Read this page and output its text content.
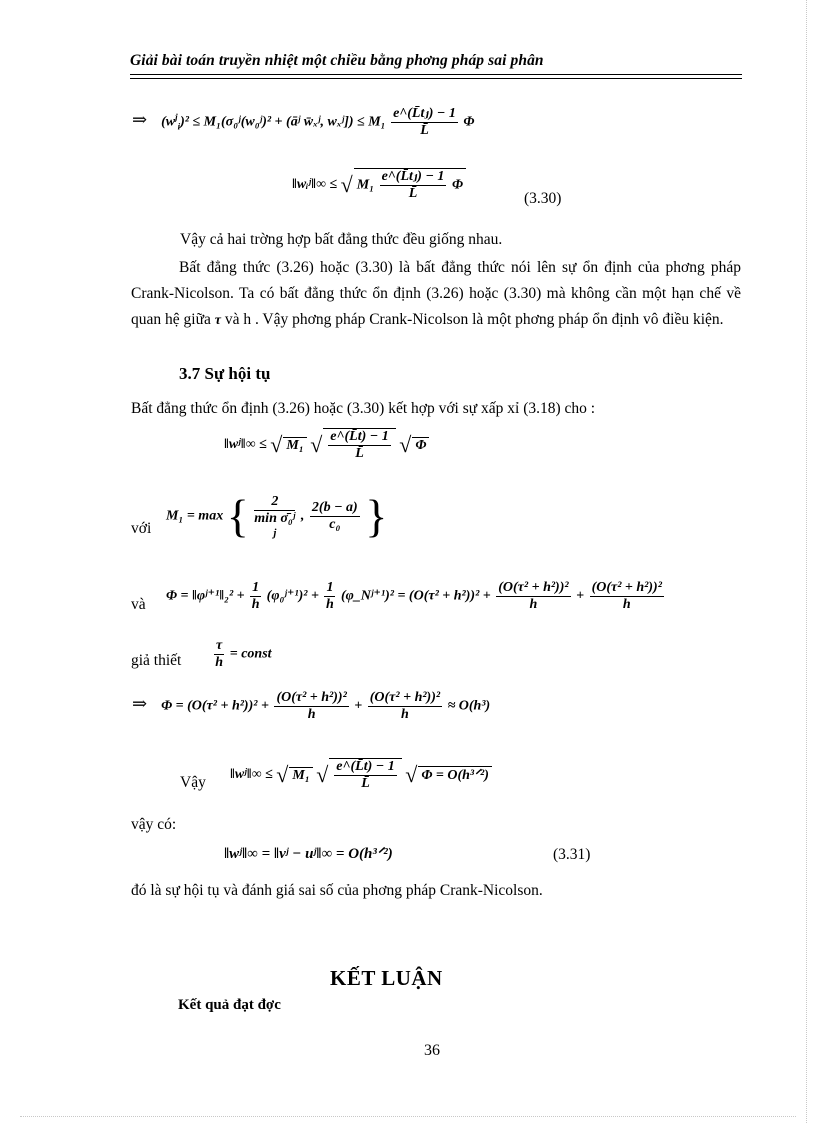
Giải bài toán truyền nhiệt một chiều bằng phơng pháp sai phân
⇒ $(w^j_i)^2$ ≤ M₁(σ₀ʲ(w₀ʲ)² + (āʲ w̄ₓʲ, wₓʲ]) ≤ $M_1 \frac{\text{e\textasciicircum{}(L̄tⱼ) − 1}}{L̄}$ Φ
‖wᵢʲ‖∞ ≤ √ $M_1 \frac{\text{e\textasciicircum{}(L̄tⱼ) − 1}}{L̄}$ Φ
(3.30)
Vậy cả hai trờng hợp bất đẳng thức đều giống nhau.
Bất đẳng thức (3.26) hoặc (3.30) là bất đẳng thức nói lên sự ổn định của phơng pháp Crank-Nicolson. Ta có bất đẳng thức ổn định (3.26) hoặc (3.30) mà không cần một hạn chế về quan hệ giữa τ và h . Vậy phơng pháp Crank-Nicolson là một phơng pháp ổn định vô điều kiện.
3.7 Sự hội tụ
Bất đẳng thức ổn định (3.26) hoặc (3.30) kết hợp với sự xấp xỉ (3.18) cho :
‖wʲ‖∞ ≤ √ M₁ √ $\frac{e\^{}(L̄t) - 1}{L̄}$ √ Φ
với
M₁ = max {	2
min σ̄₀ʲ
j
, $\frac{2(b - a)}{\text{c₀}}$ }
và Φ = ‖φʲ⁺¹‖₂² + $\frac{1}{h}$ (φ₀ʲ⁺¹)² + $\frac{1}{h}$ (φ_Nʲ⁺¹)² = $(O(\tau^2 + h^2))^2 + \frac{\text{(O(τ² + h²))²}}{h} + \frac{\text{(O(τ² + h²))²}}{h}$
giả thiết $\frac{\tau}{h}$ = const
⇒ $\Phi = (O(\tau^2 + h^2))^2 + \frac{\text{(O(τ² + h²))²}}{h} + \frac{\text{(O(τ² + h²))²}}{h} \approx O(h^3)$
Vậy ‖wʲ‖∞ ≤ √ M₁ √ $\frac{e\^{}(L̄t) - 1}{L̄}$ √ Φ = O(h³ᐟ²)
vậy có:
‖wʲ‖∞ = ‖vʲ − uʲ‖∞ = O(h³ᐟ²)	(3.31)
đó là sự hội tụ và đánh giá sai số của phơng pháp Crank-Nicolson.
KẾT LUẬN
Kết quả đạt đợc
36
